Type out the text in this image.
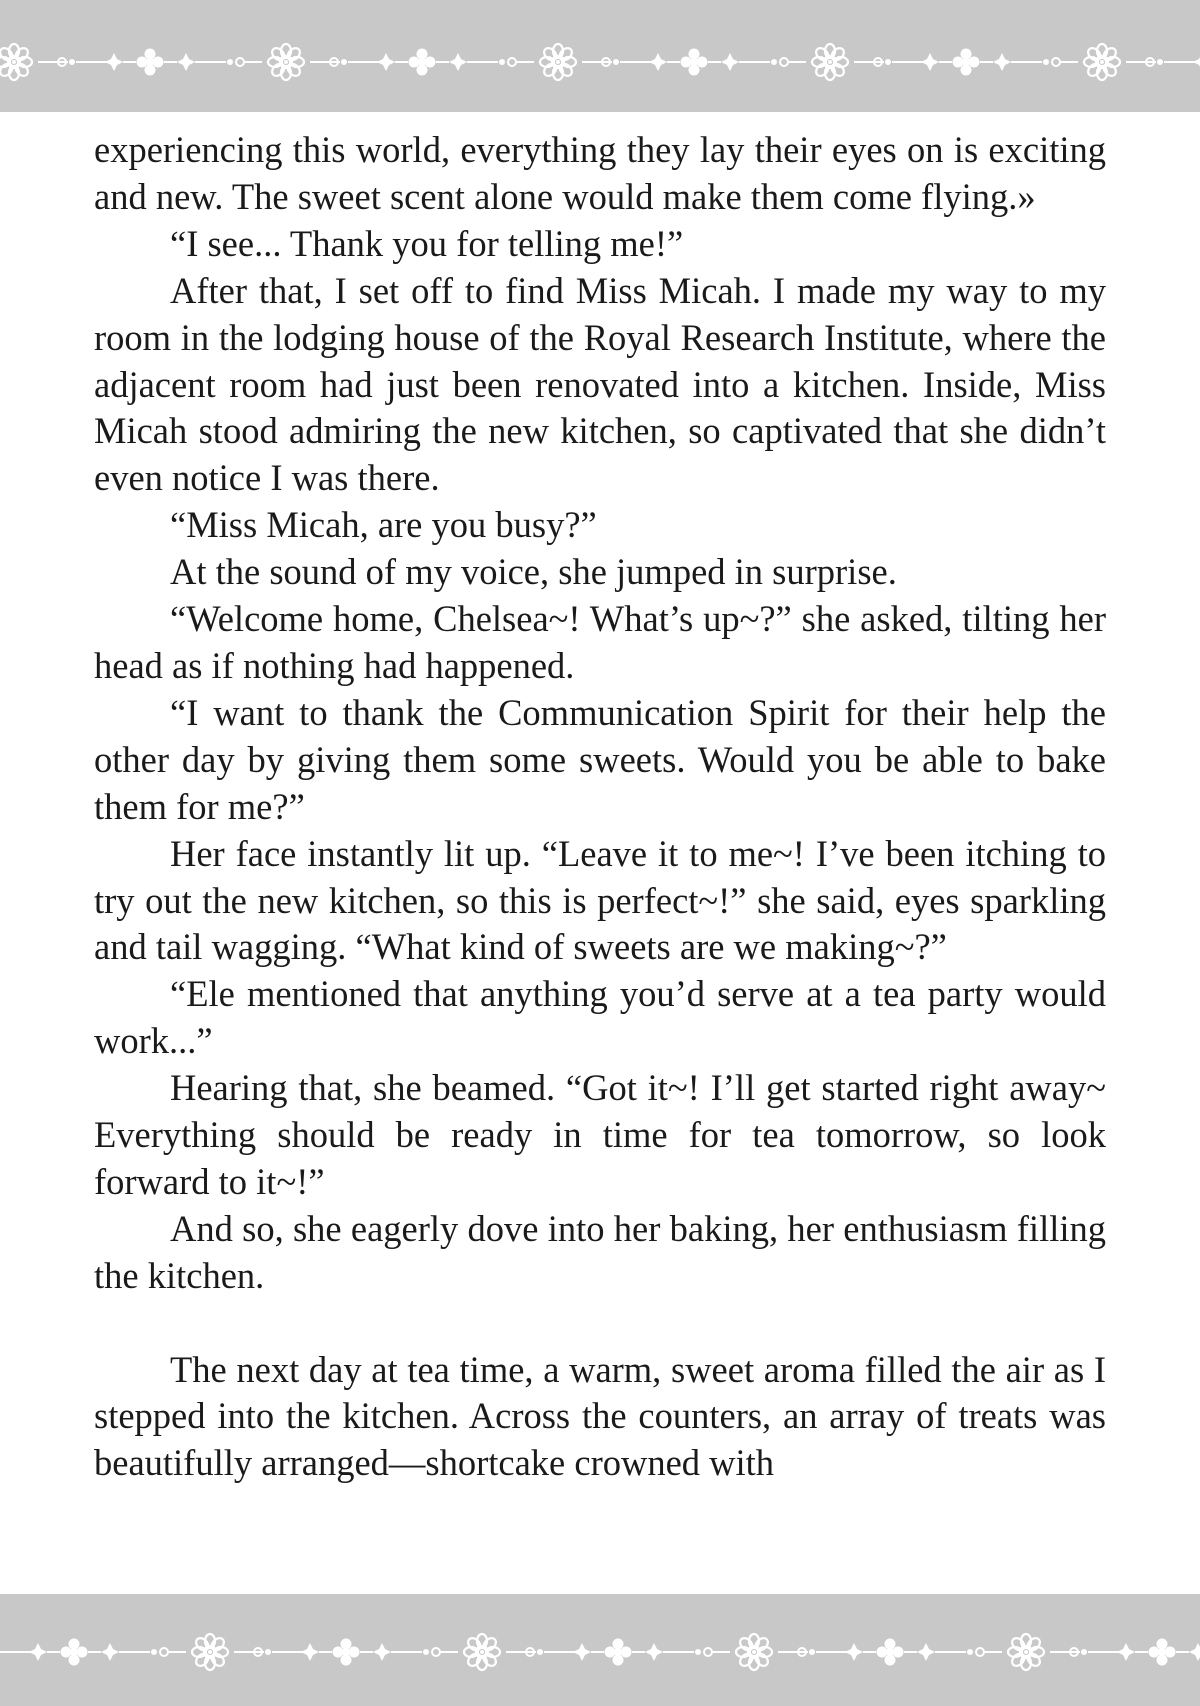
experiencing this world, everything they lay their eyes on is exciting and new. The sweet scent alone would make them come flying.»

“I see... Thank you for telling me!”

After that, I set off to find Miss Micah. I made my way to my room in the lodging house of the Royal Research Institute, where the adjacent room had just been renovated into a kitchen. Inside, Miss Micah stood admiring the new kitchen, so captivated that she didn’t even notice I was there.

“Miss Micah, are you busy?”

At the sound of my voice, she jumped in surprise.

“Welcome home, Chelsea~! What’s up~?” she asked, tilting her head as if nothing had happened.

“I want to thank the Communication Spirit for their help the other day by giving them some sweets. Would you be able to bake them for me?”

Her face instantly lit up. “Leave it to me~! I’ve been itching to try out the new kitchen, so this is perfect~!” she said, eyes sparkling and tail wagging. “What kind of sweets are we making~?”

“Ele mentioned that anything you’d serve at a tea party would work...”

Hearing that, she beamed. “Got it~! I’ll get started right away~ Everything should be ready in time for tea tomorrow, so look forward to it~!”

And so, she eagerly dove into her baking, her enthusiasm filling the kitchen.

The next day at tea time, a warm, sweet aroma filled the air as I stepped into the kitchen. Across the counters, an array of treats was beautifully arranged—shortcake crowned with
